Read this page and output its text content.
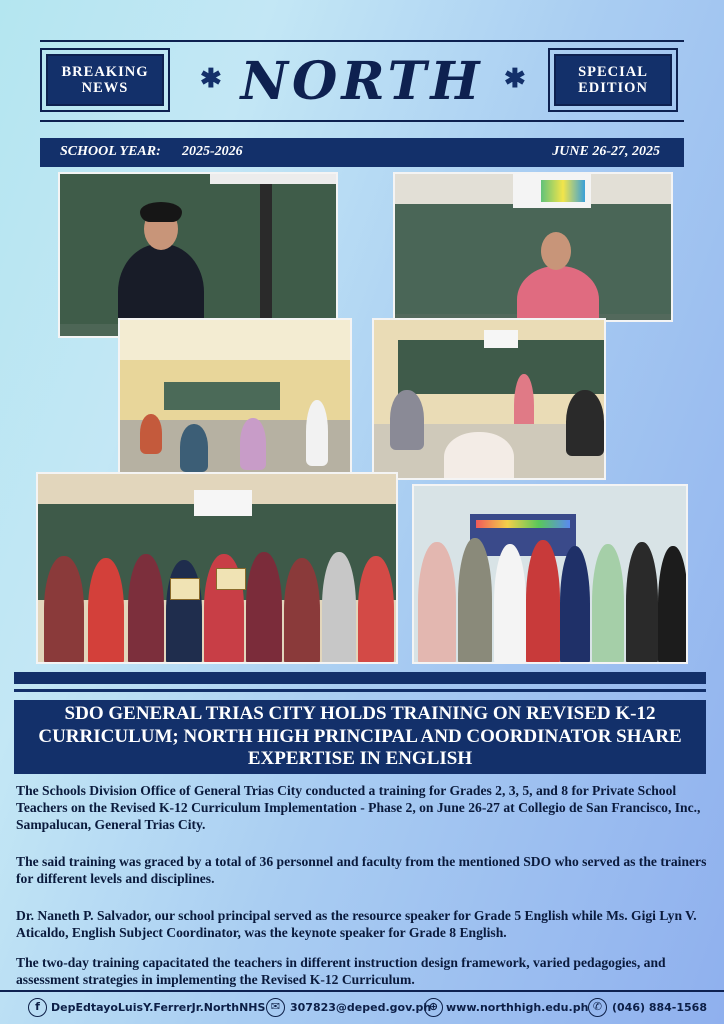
BREAKING
NEWS
SPECIAL
EDITION
✱	✱
NORTH
SCHOOL YEAR: 2025-2026	JUNE 26-27, 2025
SDO GENERAL TRIAS CITY HOLDS TRAINING ON REVISED K-12 CURRICULUM; NORTH HIGH PRINCIPAL AND COORDINATOR SHARE EXPERTISE IN ENGLISH
The Schools Division Office of General Trias City conducted a training for Grades 2, 3, 5, and 8 for Private School Teachers on the Revised K-12 Curriculum Implementation - Phase 2, on June 26-27 at Collegio de San Francisco, Inc., Sampalucan, General Trias City.
The said training was graced by a total of 36 personnel and faculty from the mentioned SDO who served as the trainers for different levels and disciplines.
Dr. Naneth P. Salvador, our school principal served as the resource speaker for Grade 5 English while Ms. Gigi Lyn V. Aticaldo, English Subject Coordinator, was the keynote speaker for Grade 8 English.
The two-day training capacitated the teachers in different instruction design framework, varied pedagogies, and assessment strategies in implementing the Revised K-12 Curriculum.
f	DepEdtayoLuisY.FerrerJr.NorthNHS ✉ 307823@deped.gov.ph
⊕ www.northhigh.edu.ph ✆ (046) 884-1568
